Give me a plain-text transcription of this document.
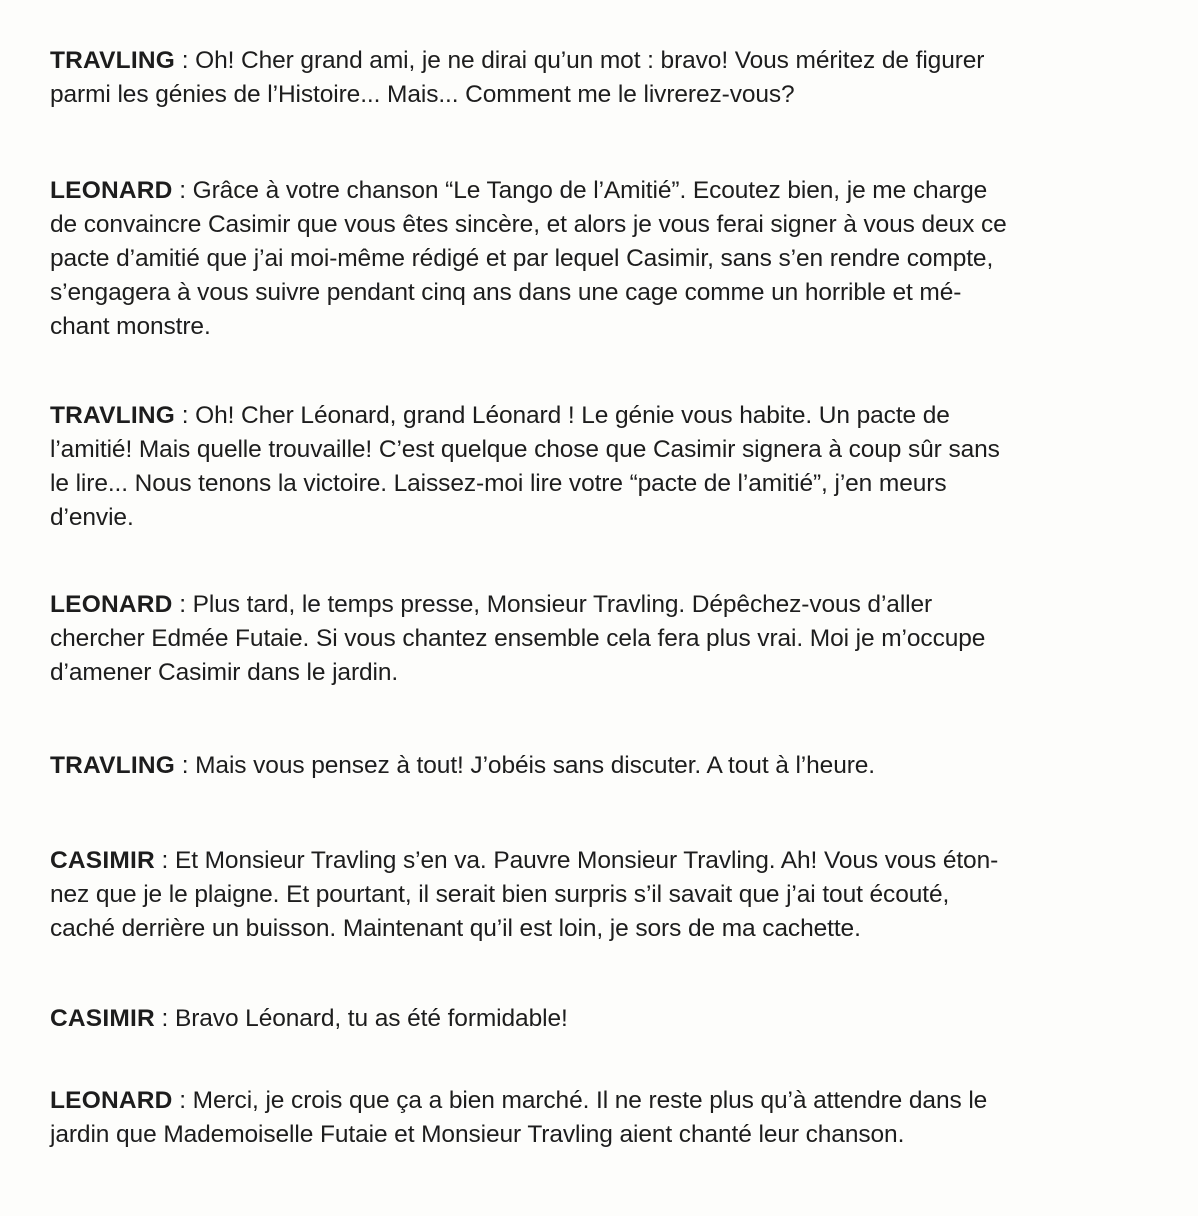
TRAVLING : Oh! Cher grand ami, je ne dirai qu’un mot : bravo! Vous méritez de figurer

parmi les génies de l’Histoire... Mais... Comment me le livrerez-vous?

LEONARD : Grâce à votre chanson “Le Tango de l’Amitié”. Ecoutez bien, je me charge

de convaincre Casimir que vous êtes sincère, et alors je vous ferai signer à vous deux ce

pacte d’amitié que j’ai moi-même rédigé et par lequel Casimir, sans s’en rendre compte,

s’engagera à vous suivre pendant cinq ans dans une cage comme un horrible et mé-

chant monstre.

TRAVLING : Oh! Cher Léonard, grand Léonard ! Le génie vous habite. Un pacte de

l’amitié! Mais quelle trouvaille! C’est quelque chose que Casimir signera à coup sûr sans

le lire... Nous tenons la victoire. Laissez-moi lire votre “pacte de l’amitié”, j’en meurs

d’envie.

LEONARD : Plus tard, le temps presse, Monsieur Travling. Dépêchez-vous d’aller

chercher Edmée Futaie. Si vous chantez ensemble cela fera plus vrai. Moi je m’occupe

d’amener Casimir dans le jardin.

TRAVLING : Mais vous pensez à tout! J’obéis sans discuter. A tout à l’heure.

CASIMIR : Et Monsieur Travling s’en va. Pauvre Monsieur Travling. Ah! Vous vous éton-

nez que je le plaigne. Et pourtant, il serait bien surpris s’il savait que j’ai tout écouté,

caché derrière un buisson. Maintenant qu’il est loin, je sors de ma cachette.

CASIMIR : Bravo Léonard, tu as été formidable!

LEONARD : Merci, je crois que ça a bien marché. Il ne reste plus qu’à attendre dans le

jardin que Mademoiselle Futaie et Monsieur Travling aient chanté leur chanson.
